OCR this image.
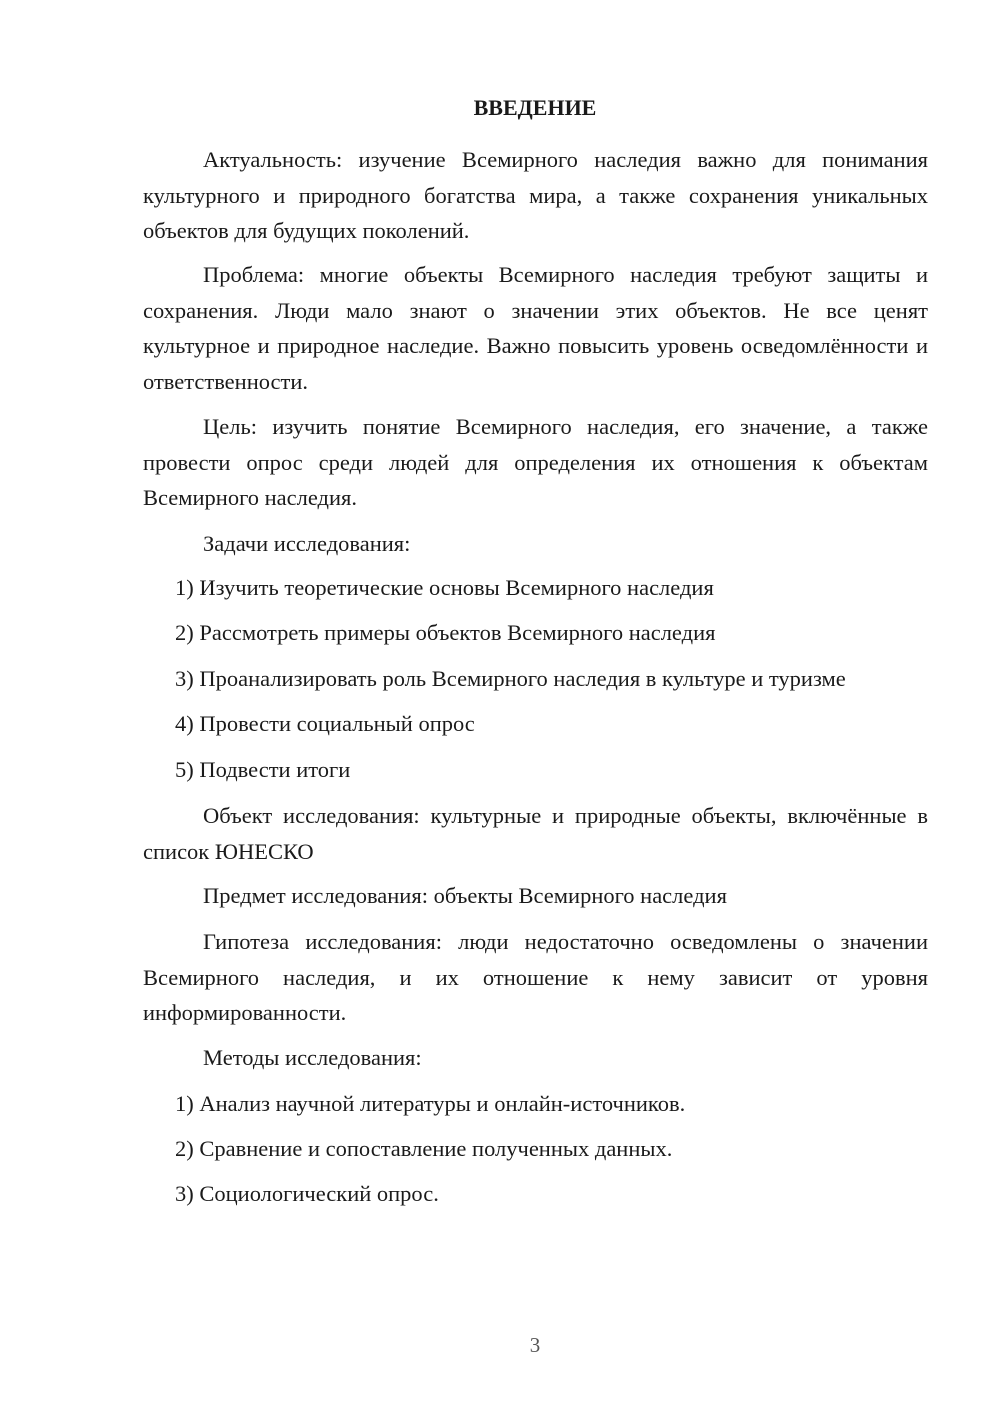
ВВЕДЕНИЕ

Актуальность: изучение Всемирного наследия важно для понимания культурного и природного богатства мира, а также сохранения уникальных объектов для будущих поколений.

Проблема: многие объекты Всемирного наследия требуют защиты и сохранения. Люди мало знают о значении этих объектов. Не все ценят культурное и природное наследие. Важно повысить уровень осведомлённости и ответственности.

Цель: изучить понятие Всемирного наследия, его значение, а также провести опрос среди людей для определения их отношения к объектам Всемирного наследия.

Задачи исследования:

1) Изучить теоретические основы Всемирного наследия

2) Рассмотреть примеры объектов Всемирного наследия

3) Проанализировать роль Всемирного наследия в культуре и туризме

4) Провести социальный опрос

5) Подвести итоги

Объект исследования: культурные и природные объекты, включённые в список ЮНЕСКО

Предмет исследования: объекты Всемирного наследия

Гипотеза исследования: люди недостаточно осведомлены о значении Всемирного наследия, и их отношение к нему зависит от уровня информированности.

Методы исследования:

1) Анализ научной литературы и онлайн-источников.

2) Сравнение и сопоставление полученных данных.

3) Социологический опрос.

3
